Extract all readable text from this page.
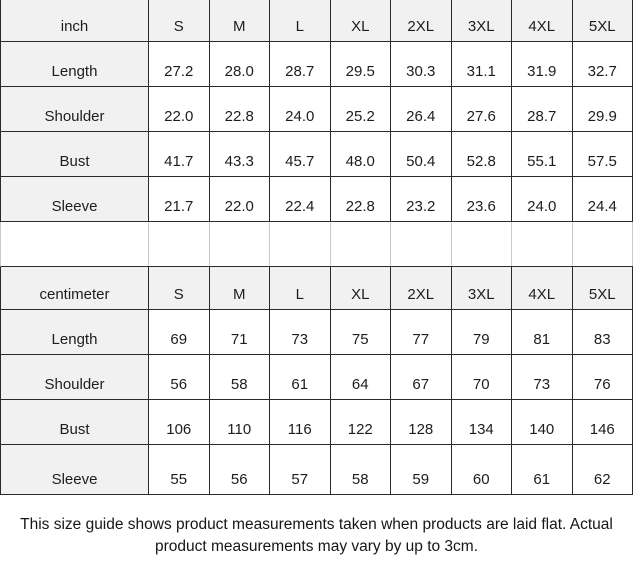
inch	S	M	L	XL	2XL	3XL	4XL	5XL
Length	27.2	28.0	28.7	29.5	30.3	31.1	31.9	32.7
Shoulder	22.0	22.8	24.0	25.2	26.4	27.6	28.7	29.9
Bust	41.7	43.3	45.7	48.0	50.4	52.8	55.1	57.5
Sleeve	21.7	22.0	22.4	22.8	23.2	23.6	24.0	24.4
centimeter	S	M	L	XL	2XL	3XL	4XL	5XL
Length	69	71	73	75	77	79	81	83
Shoulder	56	58	61	64	67	70	73	76
Bust	106	110	116	122	128	134	140	146
Sleeve	55	56	57	58	59	60	61	62
This size guide shows product measurements taken when products are laid flat. Actual product measurements may vary by up to 3cm.
